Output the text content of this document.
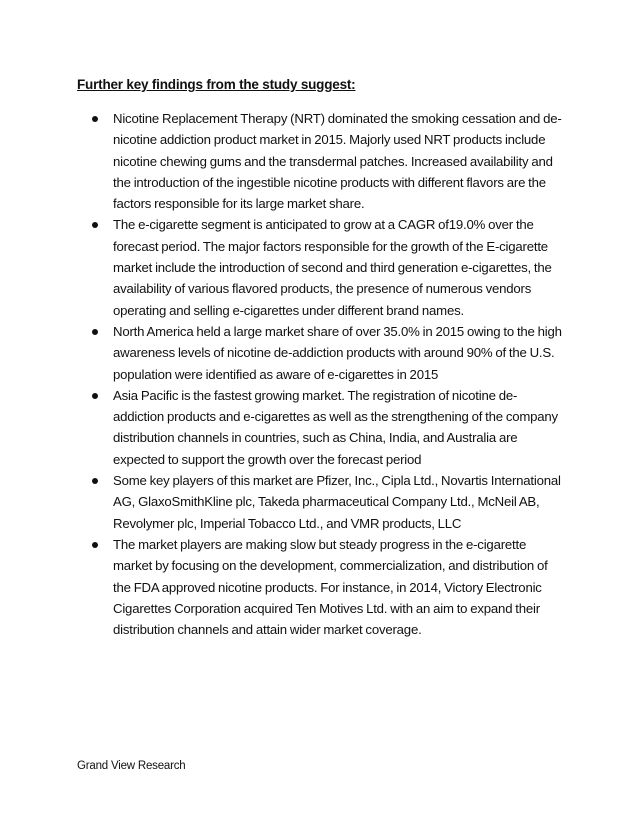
Further key findings from the study suggest:
Nicotine Replacement Therapy (NRT) dominated the smoking cessation and de-nicotine addiction product market in 2015. Majorly used NRT products include nicotine chewing gums and the transdermal patches. Increased availability and the introduction of the ingestible nicotine products with different flavors are the factors responsible for its large market share.
The e-cigarette segment is anticipated to grow at a CAGR of19.0% over the forecast period. The major factors responsible for the growth of the E-cigarette market include the introduction of second and third generation e-cigarettes, the availability of various flavored products, the presence of numerous vendors operating and selling e-cigarettes under different brand names.
North America held a large market share of over 35.0% in 2015 owing to the high awareness levels of nicotine de-addiction products with around 90% of the U.S. population were identified as aware of e-cigarettes in 2015
Asia Pacific is the fastest growing market. The registration of nicotine de-addiction products and e-cigarettes as well as the strengthening of the company distribution channels in countries, such as China, India, and Australia are expected to support the growth over the forecast period
Some key players of this market are Pfizer, Inc., Cipla Ltd., Novartis International AG, GlaxoSmithKline plc, Takeda pharmaceutical Company Ltd., McNeil AB, Revolymer plc, Imperial Tobacco Ltd., and VMR products, LLC
The market players are making slow but steady progress in the e-cigarette market by focusing on the development, commercialization, and distribution of the FDA approved nicotine products. For instance, in 2014, Victory Electronic Cigarettes Corporation acquired Ten Motives Ltd. with an aim to expand their distribution channels and attain wider market coverage.
Grand View Research
